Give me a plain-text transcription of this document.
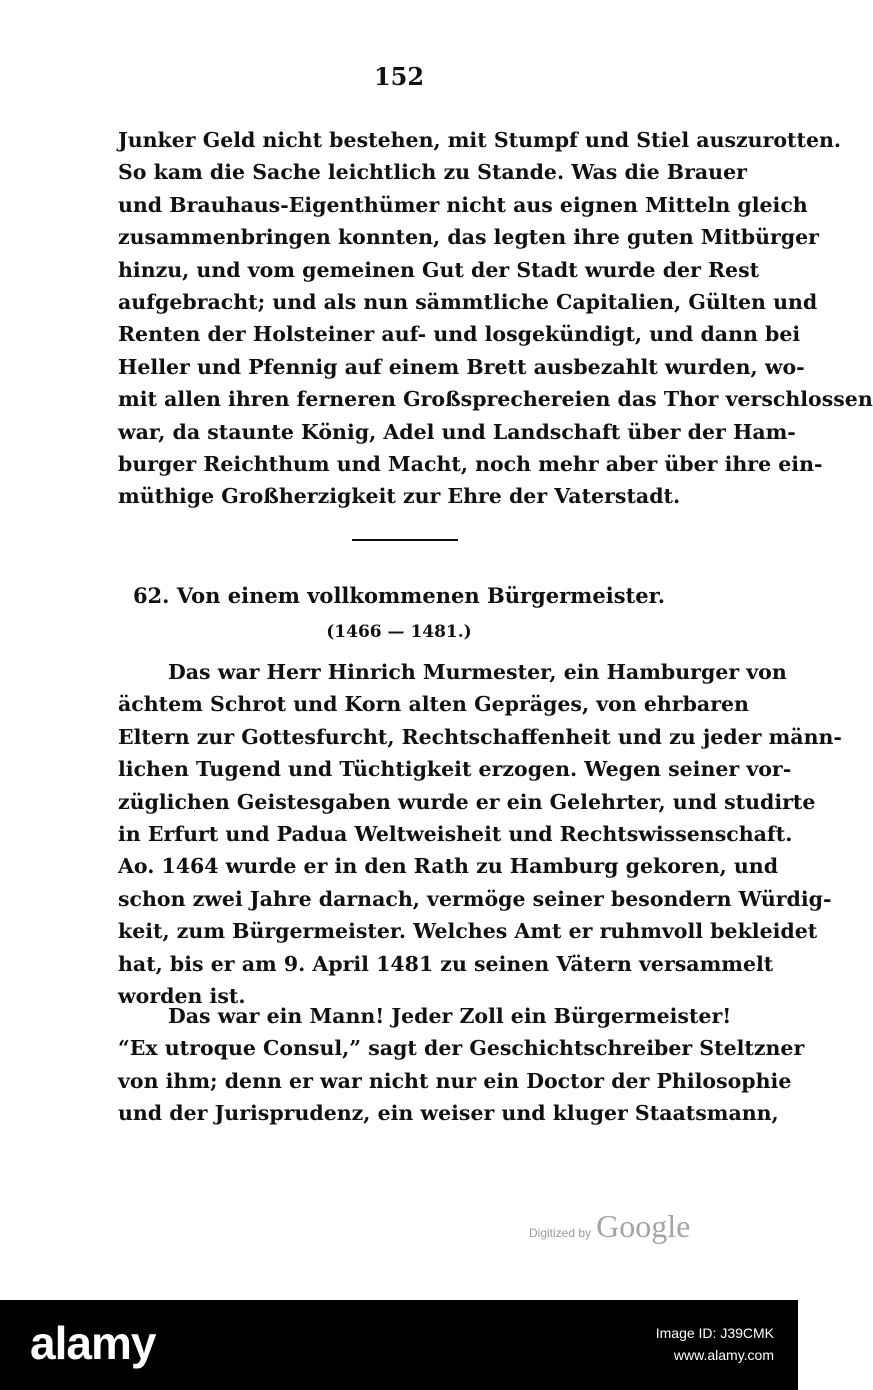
152
Junker Geld nicht bestehen, mit Stumpf und Stiel auszurotten.
So kam die Sache leichtlich zu Stande. Was die Brauer
und Brauhaus-Eigenthümer nicht aus eignen Mitteln gleich
zusammenbringen konnten, das legten ihre guten Mitbürger
hinzu, und vom gemeinen Gut der Stadt wurde der Rest
aufgebracht; und als nun sämmtliche Capitalien, Gülten und
Renten der Holsteiner auf- und losgekündigt, und dann bei
Heller und Pfennig auf einem Brett ausbezahlt wurden, wo-
mit allen ihren ferneren Großsprechereien das Thor verschlossen
war, da staunte König, Adel und Landschaft über der Ham-
burger Reichthum und Macht, noch mehr aber über ihre ein-
müthige Großherzigkeit zur Ehre der Vaterstadt.
62. Von einem vollkommenen Bürgermeister.
(1466 — 1481.)
Das war Herr Hinrich Murmester, ein Hamburger von
ächtem Schrot und Korn alten Gepräges, von ehrbaren
Eltern zur Gottesfurcht, Rechtschaffenheit und zu jeder männ-
lichen Tugend und Tüchtigkeit erzogen. Wegen seiner vor-
züglichen Geistesgaben wurde er ein Gelehrter, und studirte
in Erfurt und Padua Weltweisheit und Rechtswissenschaft.
Ao. 1464 wurde er in den Rath zu Hamburg gekoren, und
schon zwei Jahre darnach, vermöge seiner besondern Würdig-
keit, zum Bürgermeister. Welches Amt er ruhmvoll bekleidet
hat, bis er am 9. April 1481 zu seinen Vätern versammelt
worden ist.
Das war ein Mann! Jeder Zoll ein Bürgermeister!
“Ex utroque Consul,” sagt der Geschichtschreiber Steltzner
von ihm; denn er war nicht nur ein Doctor der Philosophie
und der Jurisprudenz, ein weiser und kluger Staatsmann,
Digitized by Google
alamy	Image ID: J39CMK
www.alamy.com
